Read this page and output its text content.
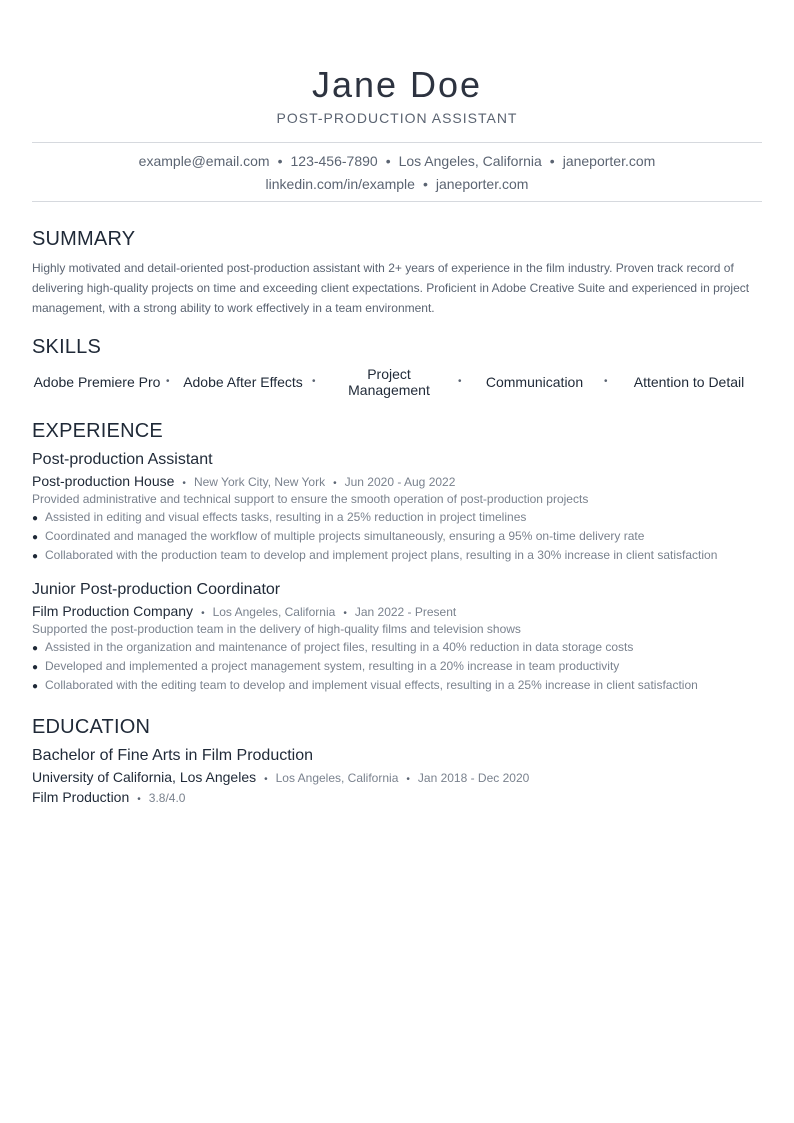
Jane Doe
POST-PRODUCTION ASSISTANT
example@email.com • 123-456-7890 • Los Angeles, California • janeporter.com
linkedin.com/in/example • janeporter.com
SUMMARY
Highly motivated and detail-oriented post-production assistant with 2+ years of experience in the film industry. Proven track record of delivering high-quality projects on time and exceeding client expectations. Proficient in Adobe Creative Suite and experienced in project management, with a strong ability to work effectively in a team environment.
SKILLS
Adobe Premiere Pro • Adobe After Effects •	Project Management
•	Communication	•	Attention to Detail
EXPERIENCE
Post-production Assistant
Post-production House • New York City, New York • Jun 2020 - Aug 2022
Provided administrative and technical support to ensure the smooth operation of post-production projects
● Assisted in editing and visual effects tasks, resulting in a 25% reduction in project timelines
● Coordinated and managed the workflow of multiple projects simultaneously, ensuring a 95% on-time delivery rate
● Collaborated with the production team to develop and implement project plans, resulting in a 30% increase in client satisfaction
Junior Post-production Coordinator
Film Production Company • Los Angeles, California • Jan 2022 - Present
Supported the post-production team in the delivery of high-quality films and television shows
● Assisted in the organization and maintenance of project files, resulting in a 40% reduction in data storage costs
● Developed and implemented a project management system, resulting in a 20% increase in team productivity
● Collaborated with the editing team to develop and implement visual effects, resulting in a 25% increase in client satisfaction
EDUCATION
Bachelor of Fine Arts in Film Production
University of California, Los Angeles • Los Angeles, California • Jan 2018 - Dec 2020
Film Production • 3.8/4.0
